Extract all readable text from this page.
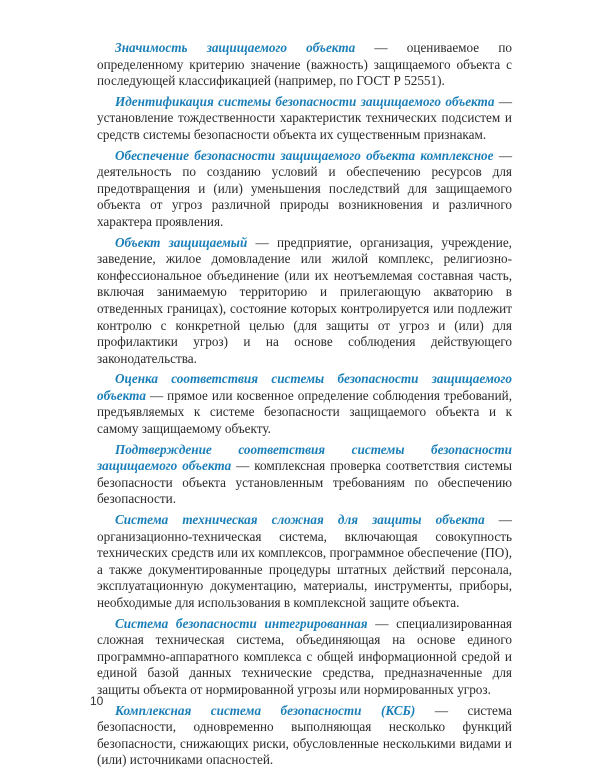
Значимость защищаемого объекта — оцениваемое по определенному критерию значение (важность) защищаемого объекта с последующей классификацией (например, по ГОСТ Р 52551).

Идентификация системы безопасности защищаемого объекта — установление тождественности характеристик технических подсистем и средств системы безопасности объекта их существенным признакам.

Обеспечение безопасности защищаемого объекта комплексное — деятельность по созданию условий и обеспечению ресурсов для предотвращения и (или) уменьшения последствий для защищаемого объекта от угроз различной природы возникновения и различного характера проявления.

Объект защищаемый — предприятие, организация, учреждение, заведение, жилое домовладение или жилой комплекс, религиозно-конфессиональное объединение (или их неотъемлемая составная часть, включая занимаемую территорию и прилегающую акваторию в отведенных границах), состояние которых контролируется или подлежит контролю с конкретной целью (для защиты от угроз и (или) для профилактики угроз) и на основе соблюдения действующего законодательства.

Оценка соответствия системы безопасности защищаемого объекта — прямое или косвенное определение соблюдения требований, предъявляемых к системе безопасности защищаемого объекта и к самому защищаемому объекту.

Подтверждение соответствия системы безопасности защищаемого объекта — комплексная проверка соответствия системы безопасности объекта установленным требованиям по обеспечению безопасности.

Система техническая сложная для защиты объекта — организационно-техническая система, включающая совокупность технических средств или их комплексов, программное обеспечение (ПО), а также документированные процедуры штатных действий персонала, эксплуатационную документацию, материалы, инструменты, приборы, необходимые для использования в комплексной защите объекта.

Система безопасности интегрированная — специализированная сложная техническая система, объединяющая на основе единого программно-аппаратного комплекса с общей информационной средой и единой базой данных технические средства, предназначенные для защиты объекта от нормированной угрозы или нормированных угроз.

Комплексная система безопасности (КСБ) — система безопасности, одновременно выполняющая несколько функций безопасности, снижающих риски, обусловленные несколькими видами и (или) источниками опасностей.

10
